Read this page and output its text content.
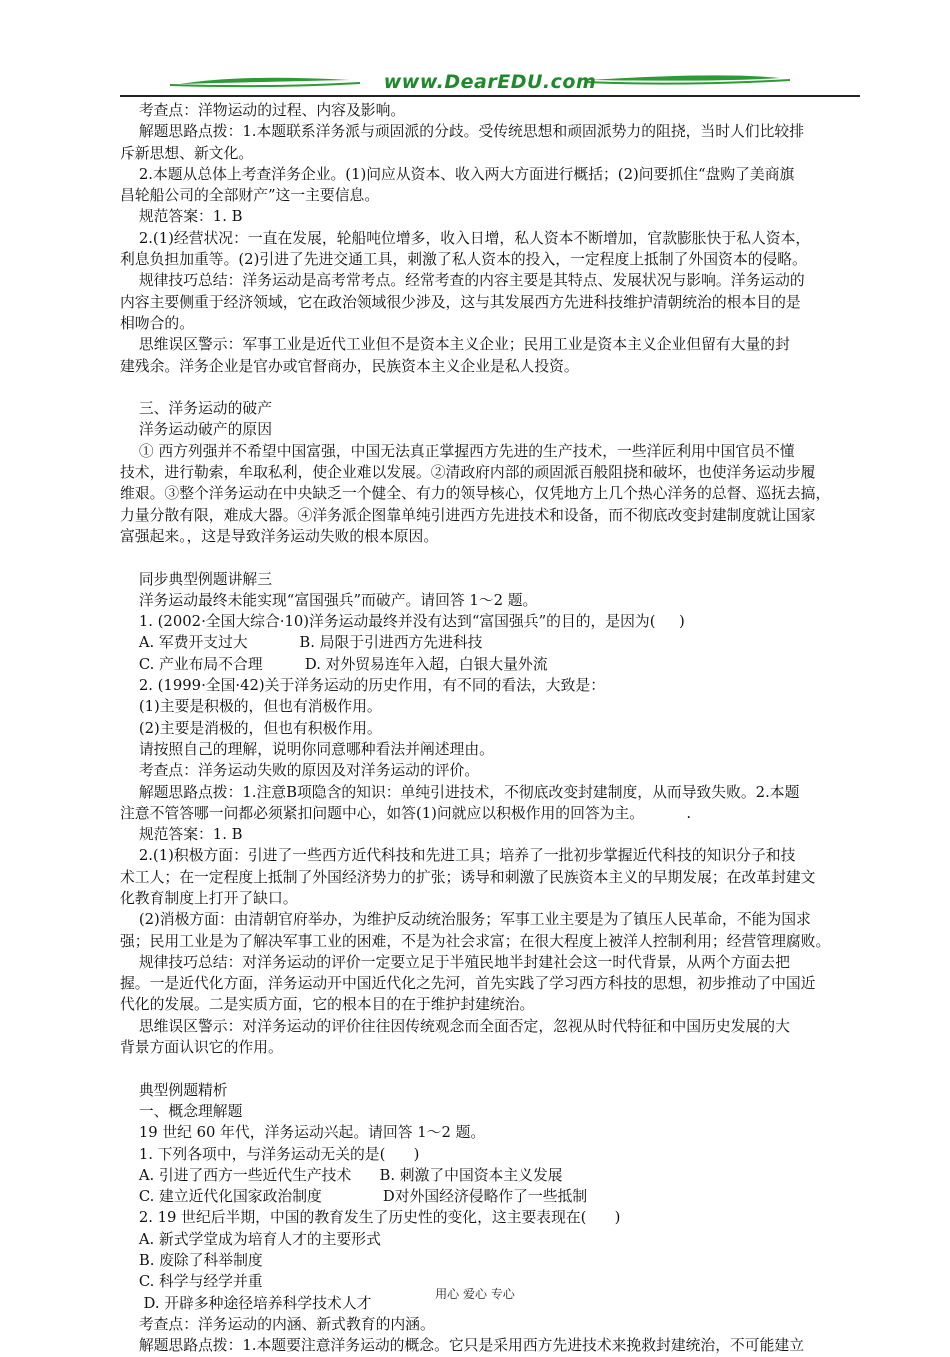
www.DearEDU.com

考查点：洋物运动的过程、内容及影响。

解题思路点拨：1.本题联系洋务派与顽固派的分歧。受传统思想和顽固派势力的阻挠，当时人们比较排

斥新思想、新文化。

2.本题从总体上考查洋务企业。(1)问应从资本、收入两大方面进行概括；(2)问要抓住“盘购了美商旗

昌轮船公司的全部财产”这一主要信息。

规范答案：1. B

2.(1)经营状况：一直在发展，轮船吨位增多，收入日增，私人资本不断增加，官款膨胀快于私人资本，

利息负担加重等。(2)引进了先进交通工具，刺激了私人资本的投入，一定程度上抵制了外国资本的侵略。

规律技巧总结：洋务运动是高考常考点。经常考查的内容主要是其特点、发展状况与影响。洋务运动的

内容主要侧重于经济领域，它在政治领域很少涉及，这与其发展西方先进科技维护清朝统治的根本目的是

相吻合的。

思维误区警示：军事工业是近代工业但不是资本主义企业；民用工业是资本主义企业但留有大量的封

建残余。洋务企业是官办或官督商办，民族资本主义企业是私人投资。

三、洋务运动的破产

洋务运动破产的原因

① 西方列强并不希望中国富强，中国无法真正掌握西方先进的生产技术，一些洋匠利用中国官员不懂

技术，进行勒索，牟取私利，使企业难以发展。②清政府内部的顽固派百般阻挠和破坏，也使洋务运动步履

维艰。③整个洋务运动在中央缺乏一个健全、有力的领导核心，仅凭地方上几个热心洋务的总督、巡抚去搞，

力量分散有限，难成大器。④洋务派企图靠单纯引进西方先进技术和设备，而不彻底改变封建制度就让国家

富强起来。，这是导致洋务运动失败的根本原因。

同步典型例题讲解三

洋务运动最终未能实现“富国强兵”而破产。请回答 1～2 题。

1. (2002·全国大综合·10)洋务运动最终并没有达到“富国强兵”的目的，是因为(     )

A. 军费开支过大           B. 局限于引进西方先进科技

C. 产业布局不合理         D. 对外贸易连年入超，白银大量外流

2. (1999·全国·42)关于洋务运动的历史作用，有不同的看法，大致是：

(1)主要是积极的，但也有消极作用。

(2)主要是消极的，但也有积极作用。

请按照自己的理解，说明你同意哪种看法并阐述理由。

考查点：洋务运动失败的原因及对洋务运动的评价。

解题思路点拨：1.注意B项隐含的知识：单纯引进技术，不彻底改变封建制度，从而导致失败。2.本题

注意不管答哪一问都必须紧扣问题中心，如答(1)问就应以积极作用的回答为主。         .

规范答案：1. B

2.(1)积极方面：引进了一些西方近代科技和先进工具；培养了一批初步掌握近代科技的知识分子和技

术工人；在一定程度上抵制了外国经济势力的扩张；诱导和刺激了民族资本主义的早期发展；在改革封建文

化教育制度上打开了缺口。

(2)消极方面：由清朝官府举办，为维护反动统治服务；军事工业主要是为了镇压人民革命，不能为国求

强；民用工业是为了解决军事工业的困难，不是为社会求富；在很大程度上被洋人控制利用；经营管理腐败。

规律技巧总结：对洋务运动的评价一定要立足于半殖民地半封建社会这一时代背景，从两个方面去把

握。一是近代化方面，洋务运动开中国近代化之先河，首先实践了学习西方科技的思想，初步推动了中国近

代化的发展。二是实质方面，它的根本目的在于维护封建统治。

思维误区警示：对洋务运动的评价往往因传统观念而全面否定，忽视从时代特征和中国历史发展的大

背景方面认识它的作用。

典型例题精析

一、概念理解题

19 世纪 60 年代，洋务运动兴起。请回答 1～2 题。

1. 下列各项中，与洋务运动无关的是(      )

A. 引进了西方一些近代生产技术      B. 刺激了中国资本主义发展

C. 建立近代化国家政治制度             D对外国经济侵略作了一些抵制

2. 19 世纪后半期，中国的教育发生了历史性的变化，这主要表现在(      )

A. 新式学堂成为培育人才的主要形式

B. 废除了科举制度

C. 科学与经学并重

D. 开辟多种途径培养科学技术人才

考查点：洋务运动的内涵、新式教育的内涵。

解题思路点拨：1.本题要注意洋务运动的概念。它只是采用西方先进技术来挽救封建统治，不可能建立

用心 爱心 专心
